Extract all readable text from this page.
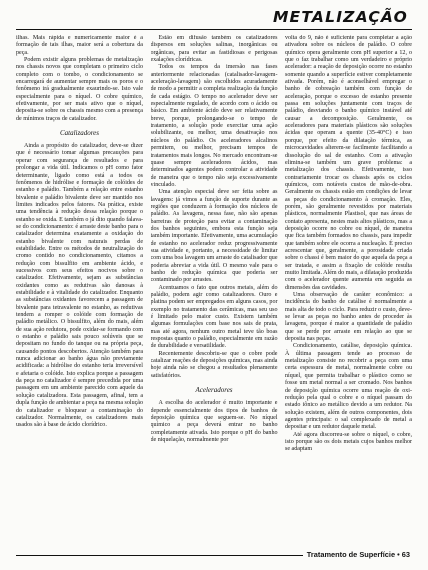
METALIZAÇÃO

ilhas. Mais rápida e numericamente maior é a formação de tais ilhas, maior será a cobertura da peça.

Podem existir alguns problemas de metalização nos chassis novos que completam o primeiro ciclo completo com o tombo, o condicionamento se encarregará de aumentar sempre mais os poros e o fenômeno irá gradualmente exaurindo-se. Isto vale especialmente para o níquel. O cobre químico, efetivamente, por ser mais ativo que o níquel, deposita-se sobre os chassis mesmo com a presença de mínimos traços de catalizador.

Catalizadores

Ainda a propósito do catalizador, deve-se dizer que é necessário tomar algumas precauções para operar com segurança de resultados e para prolongar a vida útil. Indicamos o pH como fator determinante, ligado como está a todos os fenômenos de hidrólise e formação de colóides de estanho e paládio. Também a relação entre estanho bivalente e paládio bivalente deve ser mantido nos limites indicados pelos fatores. Na prática, existe uma tendência à redução dessa relação porque o estanho se oxida. E também o já dito quando falava-se do condicionamento: é arraste deste banho para o catalizador determina exatamente a oxidação do estanho bivalente com naturais perdas de estabilidade. Entre os métodos de neutralização do cromo contido no condicionamento, citamos a redução com bissulfito em ambiente ácido, e sucessivos com seus efeitos nocivos sobre o catalizador. Efetivamente, sejam as substâncias oxidantes como as redutivas são danosas à estabilidade e à vitalidade do catalizador. Enquanto as substâncias oxidantes favorecem a passagem de bivalente para tetravalente no estanho, as redutivas tendem a romper o colóide com formação de paládio metálico. O bissulfito, além do mais, além de sua ação redutora, pode oxidar-se formando com o estanho e paládio sais pouco solúveis que se depositam no fundo do tanque ou na própria peça, causando pontos descobertos. Atenção também para nunca adicionar ao banho água não previamente acidificada: a hidrólise do estanho teria irreversível e afetaria o colóide. Isto explica porque a passagem da peça no catalizador é sempre precedida por uma passagem em um ambiente parecido com aquele da solução catalizadora. Esta passagem, afinal, tem a dupla função de ambientar a peça na mesma solução do catalizador e bloquear a contaminação do catalizador. Normalmente, os catalizadores mais usados são à base de ácido clorídrico.

Estão em difusão também os catalizadores dispersos em soluções salinas, inorgânicas ou orgânicas, para evitar as fastidiosas e perigosas exalações clorídricas.

Todos os tempos da imersão nas fases anteriormente relacionadas (catalisador-lavagem-aceleração-lavagem) são escolhidos acuradamente de modo a permitir a completa realização da função de cada estágio. O tempo no acelerador deve ser especialmente regulado, de acordo com o ácido ou básico. Em ambiente ácido deve ser relativamente breve, porque, prolongando-se o tempo de tratamento, a solução pode exercitar uma ação solubilizante, ou melhor, uma desativação nos núcleos do paládio. Os aceleradores alcalinos permitem, ou melhor, precisam tempos de tratamentos mais longos. No mercado encontram-se quase sempre aceleradores ácidos, mas determinados agentes podem controlar a atividade de maneira que o tempo não seja excessivamente vinculado.

Uma atenção especial deve ser feita sobre as lavagens: já vimos a função de suporte durante as regiões que conduzem à formação dos núcleos de paládio. As lavagens, nessa fase, não são apenas barreiras de proteção para evitar a contaminação dos banhos seguintes, embora esta função seja também importante. Efetivamente, uma acumulação de estanho no acelerador reduz progressivamente sua atividade e, portanto, a necessidade de limitar com uma boa lavagem um arraste do catalisador que poderia abreviar a vida útil. O mesmo vale para o banho de redução química que poderia ser contaminado por arrastes.

Acentuamos o fato que outros metais, além do paládio, podem agir como catalizadores. Ouro e platina podem ser empregados em alguns casos, por exemplo no tratamento das cerâmicas, mas seu uso é limitado pelo maior custo. Existem também algumas formulações com base nos sais de prata, mas até agora, nenhum outro metal teve tão boas respostas quanto o paládio, especialmente em razão de durabilidade e versatilidade.

Recentemente descobriu-se que o cobre pode catalizar reações de deposições químicas, mas ainda hoje ainda não se chegou a resultados plenamente satisfatórios.

Aceleradores

A escolha do acelerador é muito importante e depende essencialmente dos tipos de banhos de deposição química que seguem-se. No níquel químico a peça deverá entrar no banho completamente ativada. Isto porque o pH do banho de niquelação, normalmente por

volta do 9, não é suficiente para completar a ação ativadora sobre os núcleos de paládio. O cobre químico opera geralmente com pH superior a 12, o que o faz trabalhar como um verdadeiro e próprio acelerador: a reação de deposição ocorre no estanho somente quando a superfície estiver completamente ativada. Porém, não é aconselhável empregar o banho de cobreação também com função de aceleração, porque o excesso de estanho presente passa em soluções juntamente com traços de paládio, desviando o banho químico instável até causar a decomposição. Geralmente, os aceleradores para materiais plásticos são soluções ácidas que operam a quente (35-40°C) e isso porque, por efeito da dilatação térmica, as microcavidades alterem-se facilmente facilitando a dissolução do sal de estanho. Com a ativação elimina-se também um grave problema: a metalização dos chassis. Efetivamente, isso contrariamente trocar os chassis após os ciclos químicos, com notáveis custos de mão-de-obra. Geralmente os chassis estão em condições de levar as peças do condicionamento à cromação. Eles, porém, são geralmente revestidos por materiais plásticos, normalmente Plastisol, que nas áreas de contato apresenta, nestes mais altos plásticos, mas a deposição ocorre no cobre ou níquel, de maneira que fica também formados no chassis, para impedir que também sobre ele ocorra a nucleação. É preciso acrescentar que, geralmente, a porosidade criada sobre o chassi é bem maior do que aquela da peça a ser tratada, e assim a fixação de colóide resulta muito limitada. Além do mais, a dilatação produzida com o acelerador quente aumenta em seguida as dimensões das cavidades.

Uma observação de caráter econômico: a incidência do banho de catálise é normalmente a mais alta de todo o ciclo. Para reduzir o custo, deve-se levar as peças no banho antes de proceder às lavagens, porque é maior a quantidade de paládio que se perde por arraste em relação ao que se deposita nas peças.

Condicionamento, catálise, deposição química. À última passagem tende ao processo de metalização consiste no recobrir a peça com uma certa espessura de metal, normalmente cobre ou níquel, que permita trabalhar o plástico como se fosse um metal normal a ser cromado. Nos banhos de deposição química ocorre uma reação de oxi-redução pela qual o cobre e o níquel passam do estado iônico ao metálico devido a um redutor. Na solução existem, além de outros componentes, dois agentes principais: o sal complexado de metal a depositar e um redutor daquele metal.

Até agora discorreu-se sobre o níquel, o cobre, isto porque são os dois metais cujos banhos melhor se adaptam

Tratamento de Superfície • 63
